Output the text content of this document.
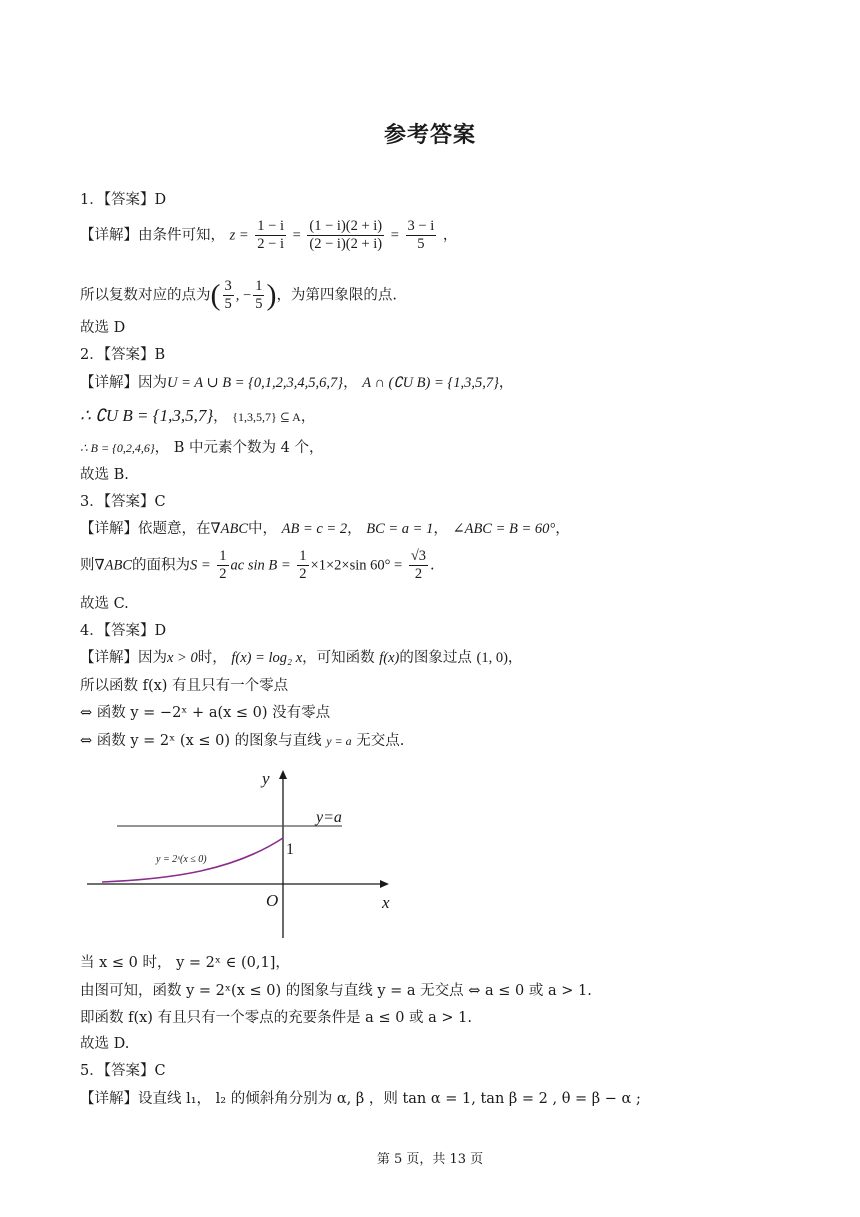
参考答案
1．【答案】D
【详解】由条件可知， $z = \frac{1 - i}{2 - i} = \frac{(1 - i)(2 + i)}{(2 - i)(2 + i)} = \frac{3 - i}{5}$ ，
所以复数对应的点为( $\frac{3}{5}$ , − $\frac{1}{5}$ )，为第四象限的点.
故选 D
2．【答案】B
【详解】因为U = A ∪ B = {0,1,2,3,4,5,6,7}， A ∩ (∁U B) = {1,3,5,7}，
∴ ∁U B = {1,3,5,7}， {1,3,5,7} ⊆ A，
∴ B = {0,2,4,6}， B 中元素个数为 4 个，
故选 B.
3．【答案】C
【详解】依题意，在∇ABC中， AB = c = 2， BC = a = 1， ∠ABC = B = 60°，
则∇ABC的面积为$S = \frac{1}{2}$ ac $\sin B = \frac{1}{2} \times 1\times 2\times\sin$ $60^\circ = \frac{√3}{2}$ .
故选 C.
4．【答案】D
【详解】因为x > 0时， f(x) = log₂ x，可知函数 f(x)的图象过点 (1, 0)，
所以函数 f(x) 有且只有一个零点
⇔ 函数 y = −2ˣ + a(x ≤ 0) 没有零点
⇔ 函数 y = 2ˣ (x ≤ 0) 的图象与直线 y = a 无交点.
y
x
O
1
y=a
y = 2ˣ(x ≤ 0)
当 x ≤ 0 时， y = 2ˣ ∈ (0,1]，
由图可知，函数 y = 2ˣ(x ≤ 0) 的图象与直线 y = a 无交点 ⇔ a ≤ 0 或 a > 1.
即函数 f(x) 有且只有一个零点的充要条件是 a ≤ 0 或 a > 1.
故选 D.
5．【答案】C
【详解】设直线 l₁， l₂ 的倾斜角分别为 α, β ，则 tan α = 1, tan β = 2 , θ = β − α ;
第 5 页，共 13 页
